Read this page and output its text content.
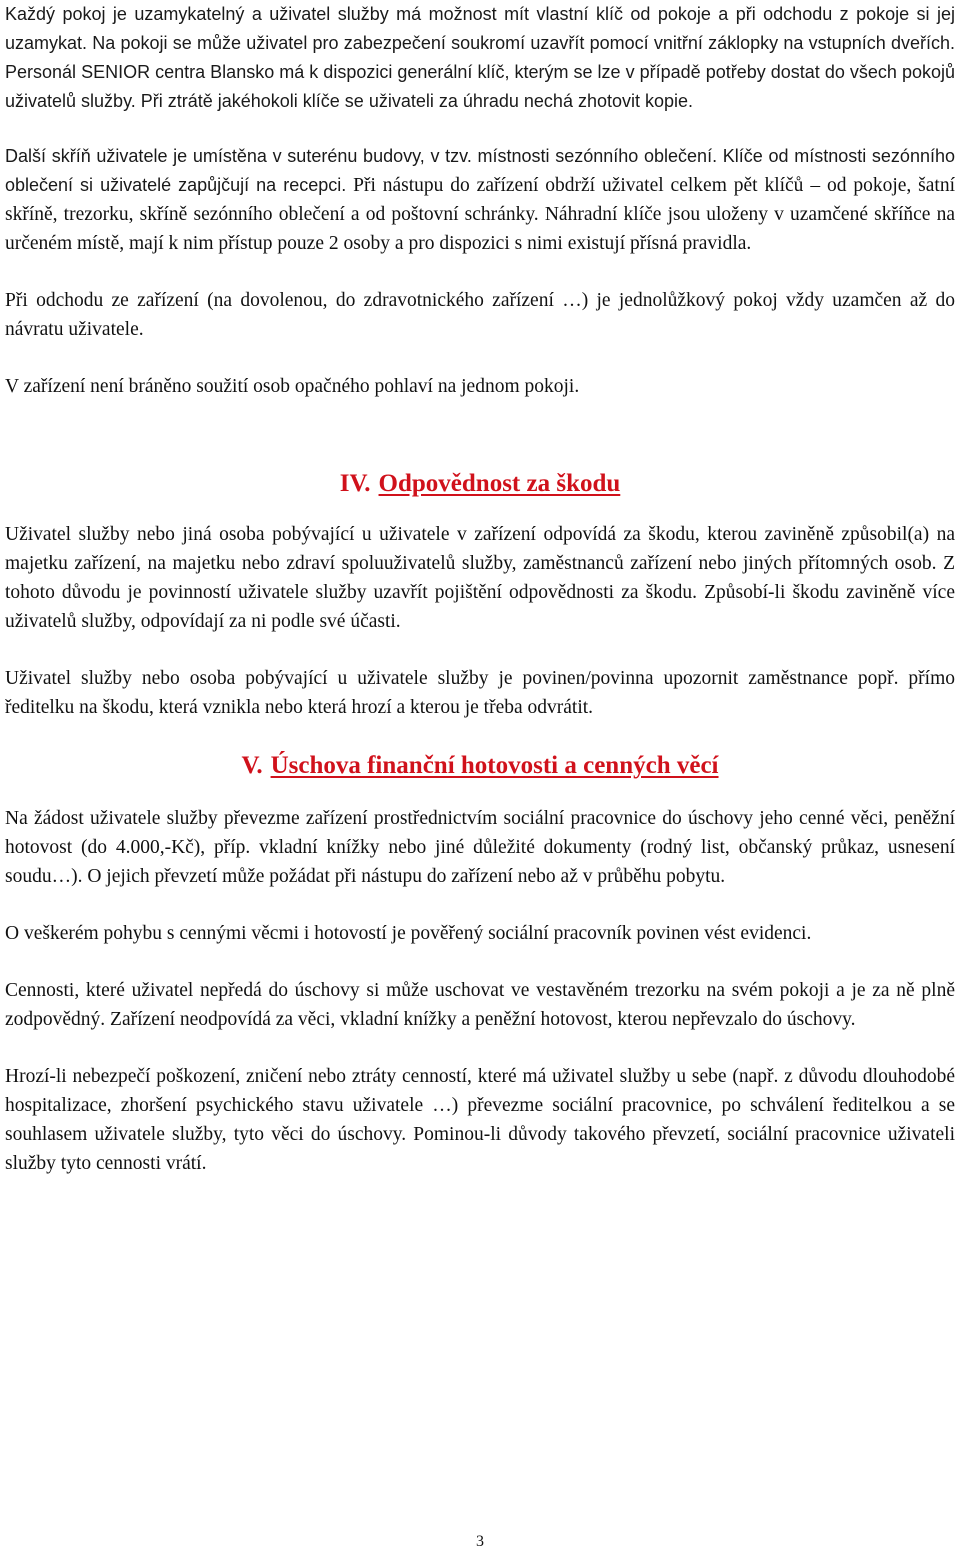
Každý pokoj je uzamykatelný a uživatel služby má možnost mít vlastní klíč od pokoje a při odchodu z pokoje si jej uzamykat. Na pokoji se může uživatel pro zabezpečení soukromí uzavřít pomocí vnitřní záklopky na vstupních dveřích. Personál SENIOR centra Blansko má k dispozici generální klíč, kterým se lze v případě potřeby dostat do všech pokojů uživatelů služby. Při ztrátě jakéhokoli klíče se uživateli za úhradu nechá zhotovit kopie.

Další skříň uživatele je umístěna v suterénu budovy, v tzv. místnosti sezónního oblečení. Klíče od místnosti sezónního oblečení si uživatelé zapůjčují na recepci. Při nástupu do zařízení obdrží uživatel celkem pět klíčů – od pokoje, šatní skříně, trezorku, skříně sezónního oblečení a od poštovní schránky. Náhradní klíče jsou uloženy v uzamčené skříňce na určeném místě, mají k nim přístup pouze 2 osoby a pro dispozici s nimi existují přísná pravidla.

Při odchodu ze zařízení (na dovolenou, do zdravotnického zařízení …) je jednolůžkový pokoj vždy uzamčen až do návratu uživatele.

V zařízení není bráněno soužití osob opačného pohlaví na jednom pokoji.

IV. Odpovědnost za škodu

Uživatel služby nebo jiná osoba pobývající u uživatele v zařízení odpovídá za škodu, kterou zaviněně způsobil(a) na majetku zařízení, na majetku nebo zdraví spoluuživatelů služby, zaměstnanců zařízení nebo jiných přítomných osob. Z tohoto důvodu je povinností uživatele služby uzavřít pojištění odpovědnosti za škodu. Způsobí-li škodu zaviněně více uživatelů služby, odpovídají za ni podle své účasti.

Uživatel služby nebo osoba pobývající u uživatele služby je povinen/povinna upozornit zaměstnance popř. přímo ředitelku na škodu, která vznikla nebo která hrozí a kterou je třeba odvrátit.

V. Úschova finanční hotovosti a cenných věcí

Na žádost uživatele služby převezme zařízení prostřednictvím sociální pracovnice do úschovy jeho cenné věci, peněžní hotovost (do 4.000,-Kč), příp. vkladní knížky nebo jiné důležité dokumenty (rodný list, občanský průkaz, usnesení soudu…). O jejich převzetí může požádat při nástupu do zařízení nebo až v průběhu pobytu.

O veškerém pohybu s cennými věcmi i hotovostí je pověřený sociální pracovník povinen vést evidenci.

Cennosti, které uživatel nepředá do úschovy si může uschovat ve vestavěném trezorku na svém pokoji a je za ně plně zodpovědný. Zařízení neodpovídá za věci, vkladní knížky a peněžní hotovost, kterou nepřevzalo do úschovy.

Hrozí-li nebezpečí poškození, zničení nebo ztráty cenností, které má uživatel služby u sebe (např. z důvodu dlouhodobé hospitalizace, zhoršení psychického stavu uživatele …) převezme sociální pracovnice, po schválení ředitelkou a se souhlasem uživatele služby, tyto věci do úschovy. Pominou-li důvody takového převzetí, sociální pracovnice uživateli služby tyto cennosti vrátí.

3
